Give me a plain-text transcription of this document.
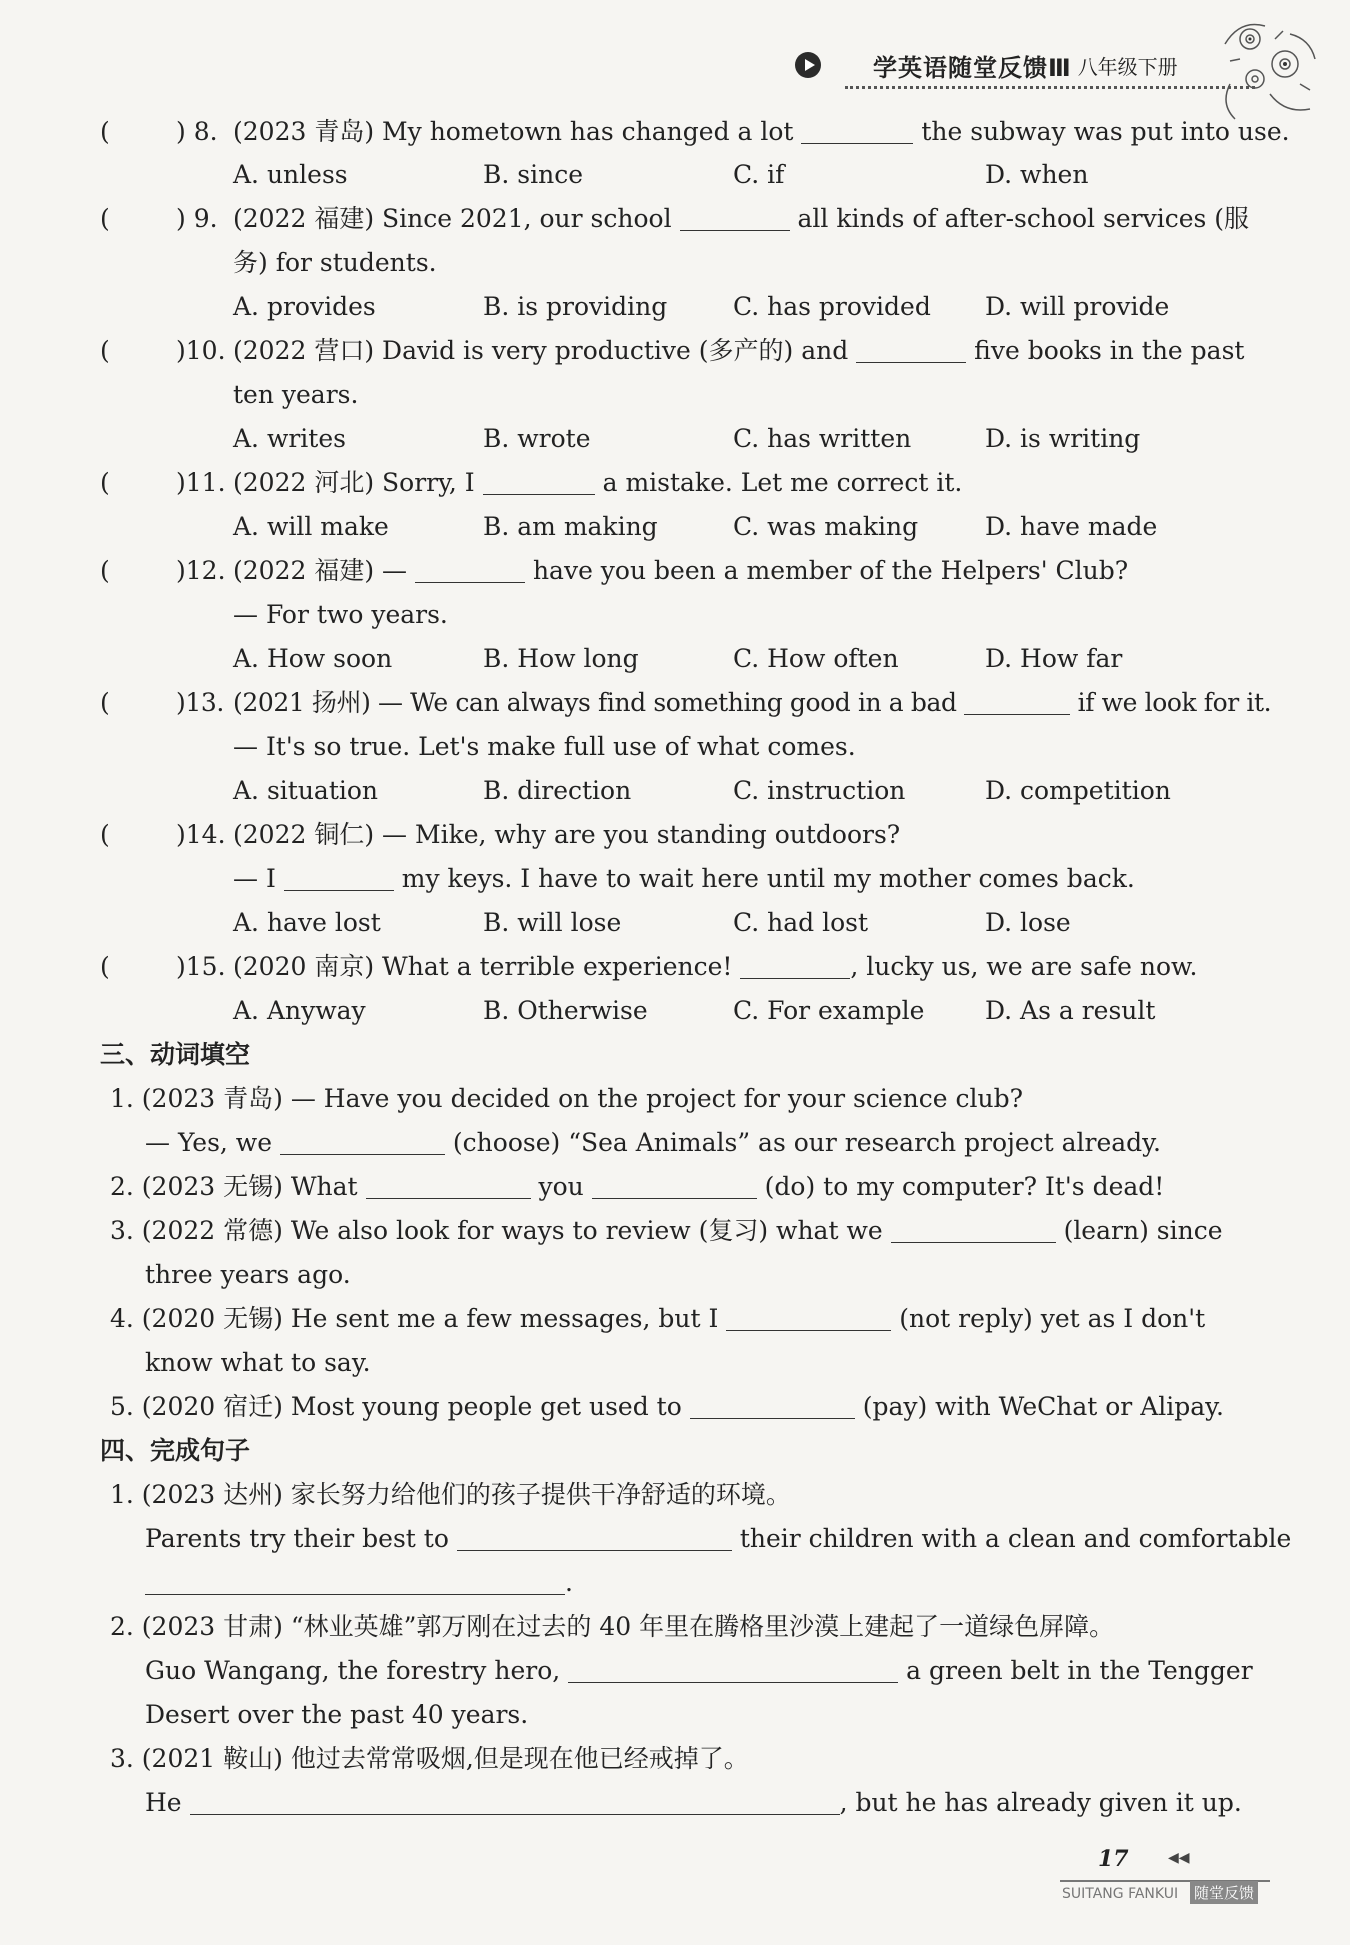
学英语随堂反馈Ⅲ 八年级下册
(	) 8. (2023 青岛) My hometown has changed a lot	the subway was put into use.
A. unless	B. since	C. if	D. when
(	) 9. (2022 福建) Since 2021, our school	all kinds of after-school services (服
务) for students.
A. provides	B. is providing	C. has provided D. will provide
(	)10. (2022 营口) David is very productive (多产的) and	five books in the past
ten years.
A. writes	B. wrote	C. has written	D. is writing
(	)11. (2022 河北) Sorry, I	a mistake. Let me correct it.
A. will make	B. am making	C. was making	D. have made
(	)12. (2022 福建) —	have you been a member of the Helpers' Club?
— For two years.
A. How soon	B. How long	C. How often	D. How far
(	)13. (2021 扬州) — We can always find something good in a bad	if we look for it.
— It's so true. Let's make full use of what comes.
A. situation	B. direction	C. instruction	D. competition
(	)14. (2022 铜仁) — Mike, why are you standing outdoors?
— I	my keys. I have to wait here until my mother comes back.
A. have lost	B. will lose	C. had lost	D. lose
(	)15. (2020 南京) What a terrible experience!	, lucky us, we are safe now.
A. Anyway	B. Otherwise	C. For example D. As a result
三、动词填空
1. (2023 青岛) — Have you decided on the project for your science club?
— Yes, we	(choose) “Sea Animals” as our research project already.
2. (2023 无锡) What	you	(do) to my computer? It's dead!
3. (2022 常德) We also look for ways to review (复习) what we	(learn) since
three years ago.
4. (2020 无锡) He sent me a few messages, but I	(not reply) yet as I don't
know what to say.
5. (2020 宿迁) Most young people get used to	(pay) with WeChat or Alipay.
四、完成句子
1. (2023 达州) 家长努力给他们的孩子提供干净舒适的环境。
Parents try their best to	their children with a clean and comfortable
.
2. (2023 甘肃) “林业英雄”郭万刚在过去的 40 年里在腾格里沙漠上建起了一道绿色屏障。
Guo Wangang, the forestry hero,	a green belt in the Tengger
Desert over the past 40 years.
3. (2021 鞍山) 他过去常常吸烟,但是现在他已经戒掉了。
He	, but he has already given it up.
17	◀◀
SUITANG FANKUI 随堂反馈
